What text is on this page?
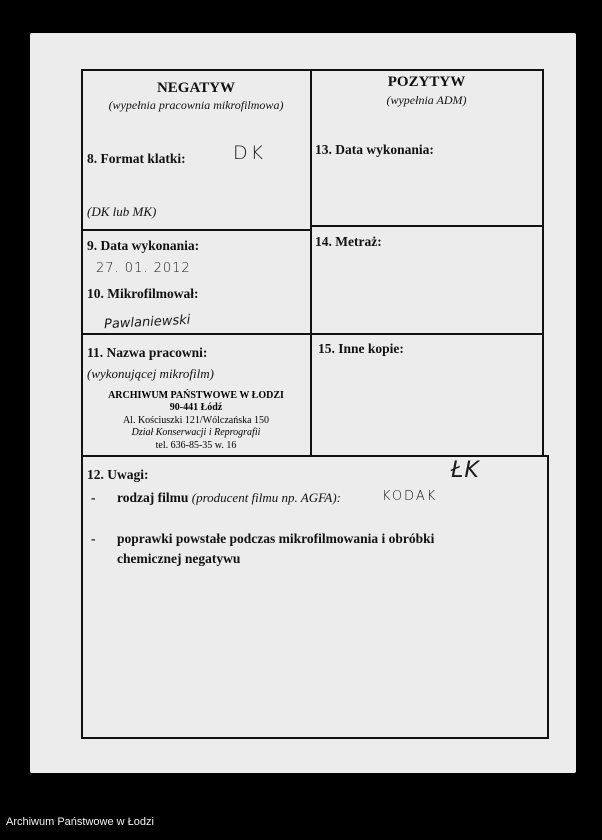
NEGATYW
(wypełnia pracownia mikrofilmowa)
POZYTYW
(wypełnia ADM)
8. Format klatki: DK
(DK lub MK)
13. Data wykonania:
9. Data wykonania:
27. 01. 2012
10. Mikrofilmował:
Pawlaniewski
14. Metraż:
11. Nazwa pracowni:
(wykonującej mikrofilm)
ARCHIWUM PAŃSTWOWE W ŁODZI
90-441 Łódź
Al. Kościuszki 121/Wólczańska 150
Dział Konserwacji i Reprografii
tel. 636-85-35 w. 16
15. Inne kopie:
12. Uwagi:	ŁK
- rodzaj filmu (producent filmu np. AGFA):	KODAK
- poprawki powstałe podczas mikrofilmowania i obróbki
chemicznej negatywu
Archiwum Państwowe w Łodzi
